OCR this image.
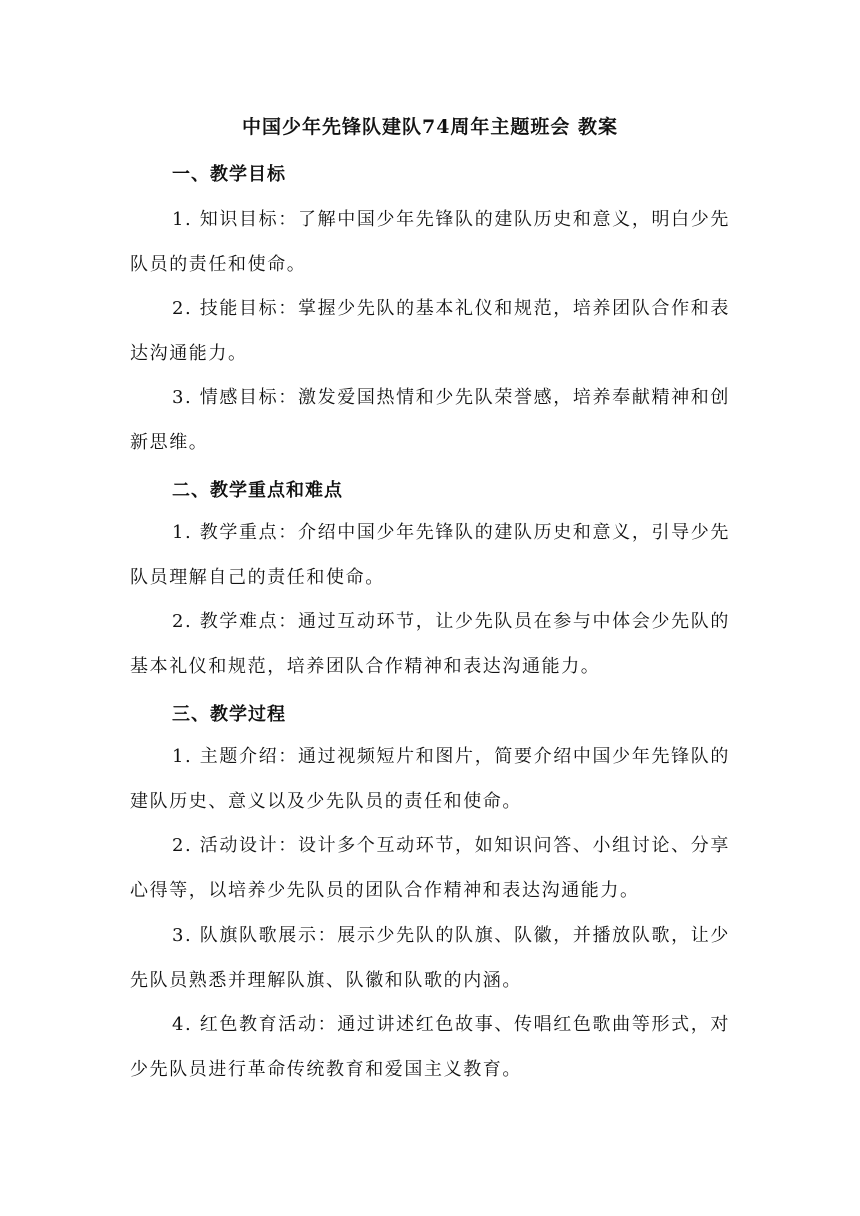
中国少年先锋队建队74周年主题班会 教案
一、教学目标
1. 知识目标：了解中国少年先锋队的建队历史和意义，明白少先队员的责任和使命。
2. 技能目标：掌握少先队的基本礼仪和规范，培养团队合作和表达沟通能力。
3. 情感目标：激发爱国热情和少先队荣誉感，培养奉献精神和创新思维。
二、教学重点和难点
1. 教学重点：介绍中国少年先锋队的建队历史和意义，引导少先队员理解自己的责任和使命。
2. 教学难点：通过互动环节，让少先队员在参与中体会少先队的基本礼仪和规范，培养团队合作精神和表达沟通能力。
三、教学过程
1. 主题介绍：通过视频短片和图片，简要介绍中国少年先锋队的建队历史、意义以及少先队员的责任和使命。
2. 活动设计：设计多个互动环节，如知识问答、小组讨论、分享心得等，以培养少先队员的团队合作精神和表达沟通能力。
3. 队旗队歌展示：展示少先队的队旗、队徽，并播放队歌，让少先队员熟悉并理解队旗、队徽和队歌的内涵。
4. 红色教育活动：通过讲述红色故事、传唱红色歌曲等形式，对少先队员进行革命传统教育和爱国主义教育。
